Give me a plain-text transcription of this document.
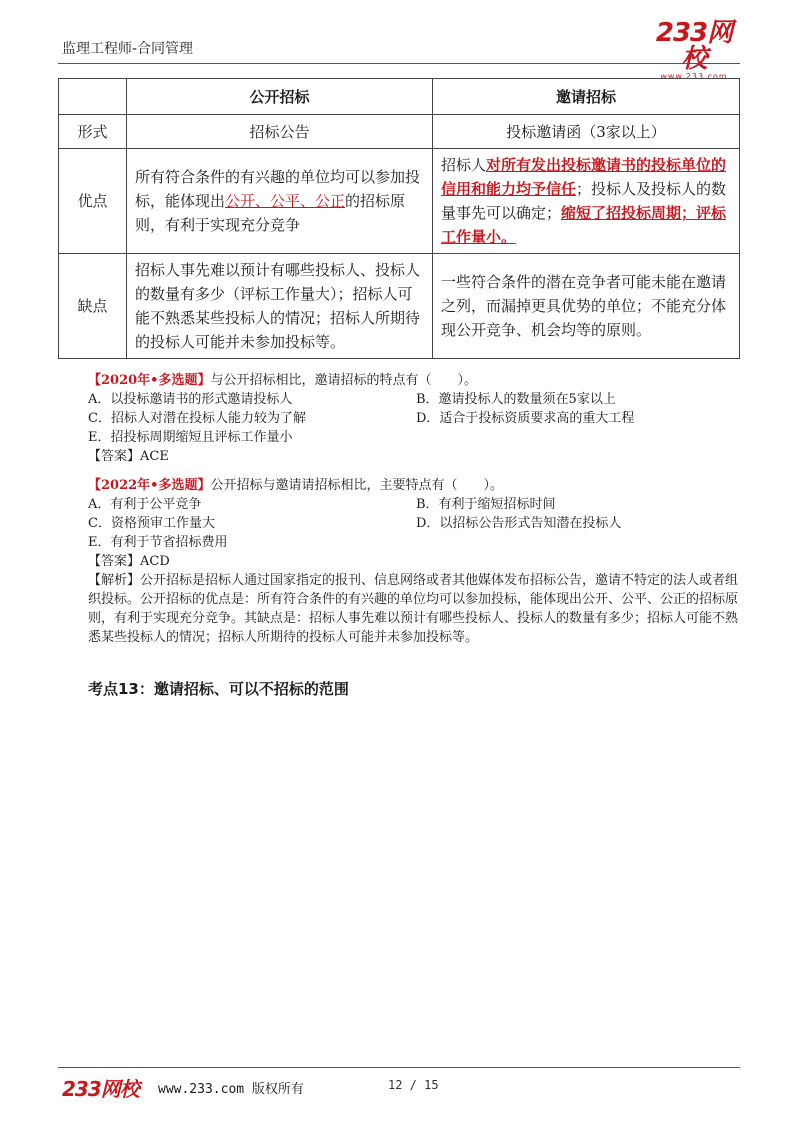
监理工程师-合同管理
233网校
www.233.com
	公开招标	邀请招标
形式	招标公告	投标邀请函（3家以上）
优点	所有符合条件的有兴趣的单位均可以参加投标，能体现出公开、公平、公正的招标原则，有利于实现充分竞争	招标人对所有发出投标邀请书的投标单位的信用和能力均予信任；投标人及投标人的数量事先可以确定；缩短了招投标周期；评标工作量小。
缺点	招标人事先难以预计有哪些投标人、投标人的数量有多少（评标工作量大）；招标人可能不熟悉某些投标人的情况；招标人所期待的投标人可能并未参加投标等。	一些符合条件的潜在竞争者可能未能在邀请之列，而漏掉更具优势的单位；不能充分体现公开竞争、机会均等的原则。
【2020年•多选题】与公开招标相比，邀请招标的特点有（　　）。
A．以投标邀请书的形式邀请投标人	B．邀请投标人的数量须在5家以上
C．招标人对潜在投标人能力较为了解	D．适合于投标资质要求高的重大工程
E．招投标周期缩短且评标工作量小
【答案】ACE
【2022年•多选题】公开招标与邀请请招标相比，主要特点有（　　）。
A．有利于公平竞争	B．有利于缩短招标时间
C．资格预审工作量大	D．以招标公告形式告知潜在投标人
E．有利于节省招标费用
【答案】ACD
【解析】公开招标是招标人通过国家指定的报刊、信息网络或者其他媒体发布招标公告，邀请不特定的法人或者组织投标。公开招标的优点是：所有符合条件的有兴趣的单位均可以参加投标，能体现出公开、公平、公正的招标原则，有利于实现充分竞争。其缺点是：招标人事先难以预计有哪些投标人、投标人的数量有多少；招标人可能不熟悉某些投标人的情况；招标人所期待的投标人可能并未参加投标等。
考点13：邀请招标、可以不招标的范围
233网校 www.233.com 版权所有	12 / 15
